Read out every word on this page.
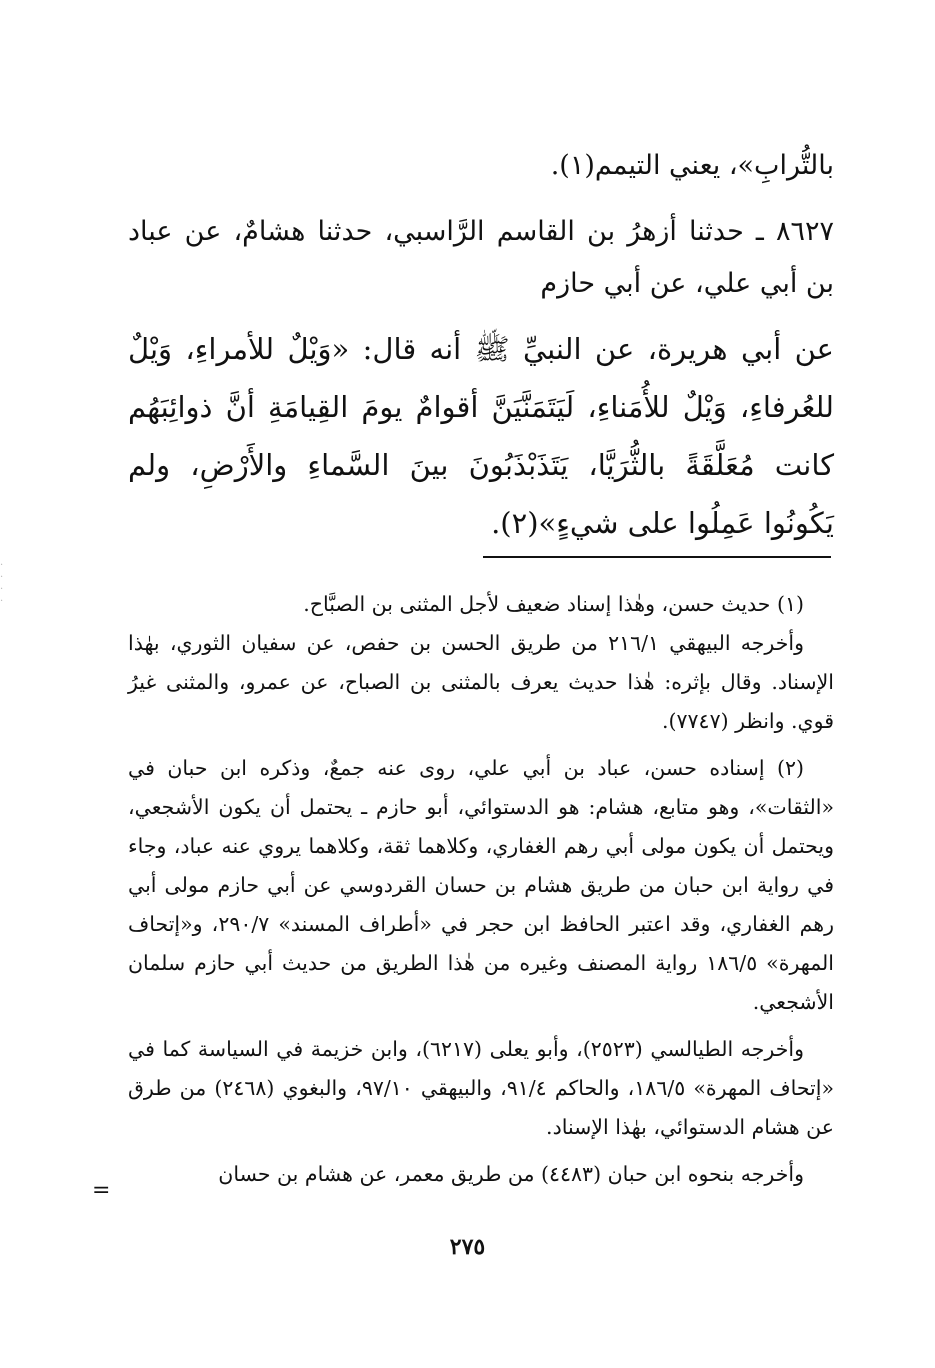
بالتُّرابِ»، يعني التيمم(١).

٨٦٢٧ ـ حدثنا أزهرُ بن القاسم الرَّاسبي، حدثنا هشامٌ، عن عباد بن أبي علي، عن أبي حازم

عن أبي هريرة، عن النبيِّ ﷺ أنه قال: «وَيْلٌ للأمراءِ، وَيْلٌ للعُرفاءِ، وَيْلٌ للأُمَناءِ، لَيَتَمَنَّيَنَّ أقوامٌ يومَ القِيامَةِ أنَّ ذوائِبَهُم كانت مُعَلَّقَةً بالثُّرَيَّا، يَتَذَبْذَبُونَ بينَ السَّماءِ والأَرْضِ، ولم يَكُونُوا عَمِلُوا على شيءٍ»(٢).

(١) حديث حسن، وهٰذا إسناد ضعيف لأجل المثنى بن الصبَّاح.

وأخرجه البيهقي ٢١٦/١ من طريق الحسن بن حفص، عن سفيان الثوري، بهٰذا الإسناد. وقال بإثره: هٰذا حديث يعرف بالمثنى بن الصباح، عن عمرو، والمثنى غيرُ قوي. وانظر (٧٧٤٧).

(٢) إسناده حسن، عباد بن أبي علي، روى عنه جمعٌ، وذكره ابن حبان في «الثقات»، وهو متابع، هشام: هو الدستوائي، أبو حازم ـ يحتمل أن يكون الأشجعي، ويحتمل أن يكون مولى أبي رهم الغفاري، وكلاهما ثقة، وكلاهما يروي عنه عباد، وجاء في رواية ابن حبان من طريق هشام بن حسان القردوسي عن أبي حازم مولى أبي رهم الغفاري، وقد اعتبر الحافظ ابن حجر في «أطراف المسند» ٢٩٠/٧، و«إتحاف المهرة» ١٨٦/٥ رواية المصنف وغيره من هٰذا الطريق من حديث أبي حازم سلمان الأشجعي.

وأخرجه الطيالسي (٢٥٢٣)، وأبو يعلى (٦٢١٧)، وابن خزيمة في السياسة كما في «إتحاف المهرة» ١٨٦/٥، والحاكم ٩١/٤، والبيهقي ٩٧/١٠، والبغوي (٢٤٦٨) من طرق عن هشام الدستوائي، بهٰذا الإسناد.

وأخرجه بنحوه ابن حبان (٤٤٨٣) من طريق معمر، عن هشام بن حسان

=
٢٧٥
·
·
·
·
